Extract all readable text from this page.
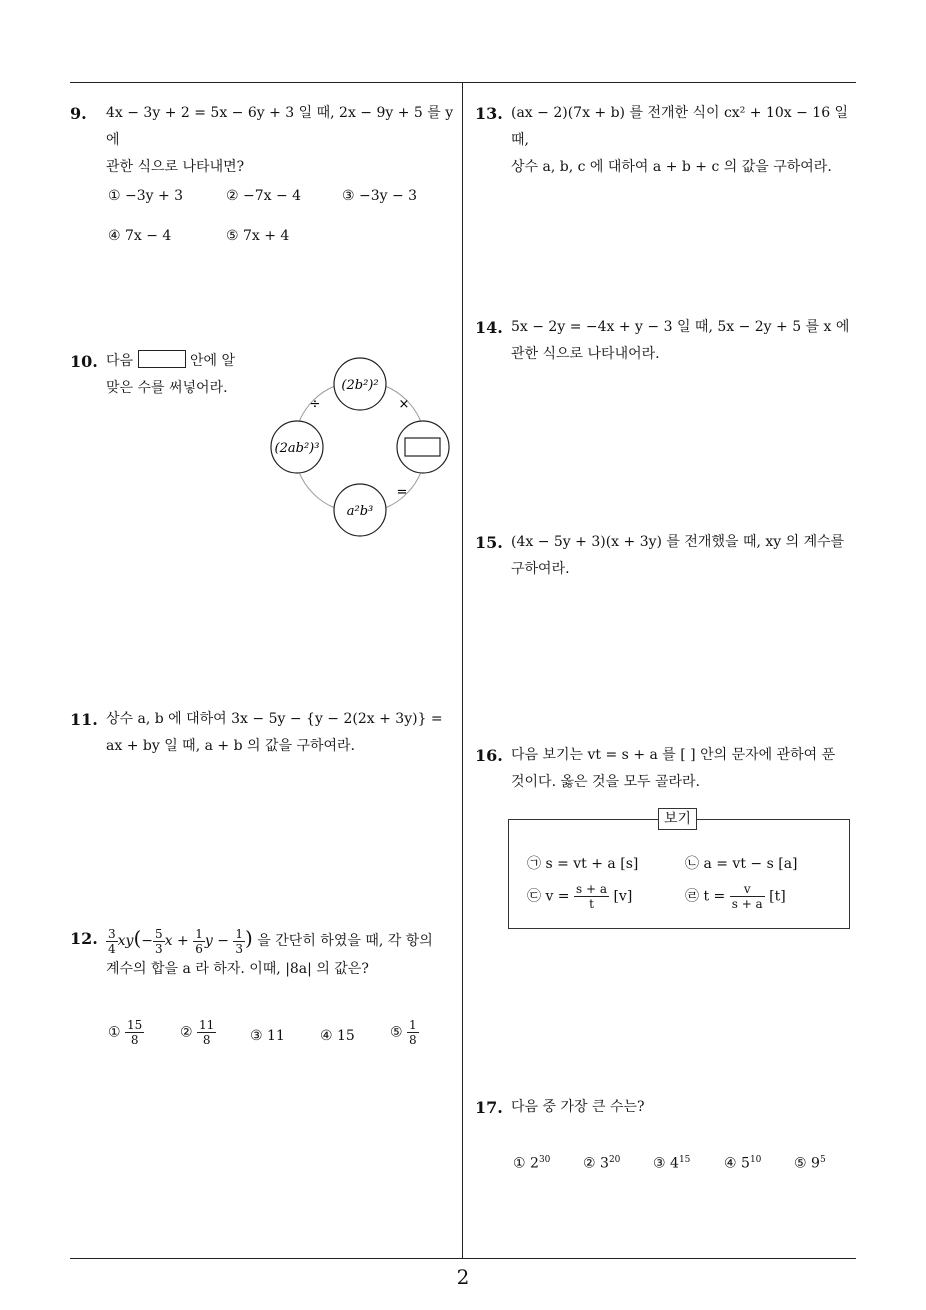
9. 4x − 3y + 2 = 5x − 6y + 3 일 때, 2x − 9y + 5 를 y 에
관한 식으로 나타내면?
① −3y + 3	② −7x − 4	③ −3y − 3
④ 7x − 4	⑤ 7x + 4
10. 다음	안에 알
맞은 수를 써넣어라.	(2b²)²
(2ab²)³
a²b³
÷	×
=
11. 상수 a, b 에 대하여 3x − 5y − {y − 2(2x + 3y)} =
ax + by 일 때, a + b 의 값을 구하여라.
12. $\frac{3}{4} xy(- \frac{5}{3}$ $x + \frac{1}{6}$ $y - \frac{1}{3}$ ) 을 간단히 하였을 때, 각 항의
계수의 합을 a 라 하자. 이때, |8a| 의 값은?
① $\frac{15}{8}$	② $\frac{11}{8}$ ③ 11	④ 15	⑤ $\frac{1}{8}$
13. (ax − 2)(7x + b) 를 전개한 식이 cx² + 10x − 16 일 때,
상수 a, b, c 에 대하여 a + b + c 의 값을 구하여라.
14. 5x − 2y = −4x + y − 3 일 때, 5x − 2y + 5 를 x 에
관한 식으로 나타내어라.
15. (4x − 5y + 3)(x + 3y) 를 전개했을 때, xy 의 계수를
구하여라.
16. 다음 보기는 vt = s + a 를 [ ] 안의 문자에 관하여 푼
것이다. 옳은 것을 모두 골라라.
보기
㉠ s = vt + a [s]	㉡ a = vt − s [a]
㉢ $v = \frac{s + a}{t} [v]$	㉣ $t = \frac{v}{s + a} [t]$
17. 다음 중 가장 큰 수는?
① $2^{30}$ ② $3^{20}$ ③ $4^{15}$ ④ $5^{10}$ ⑤ $9^5$
2
